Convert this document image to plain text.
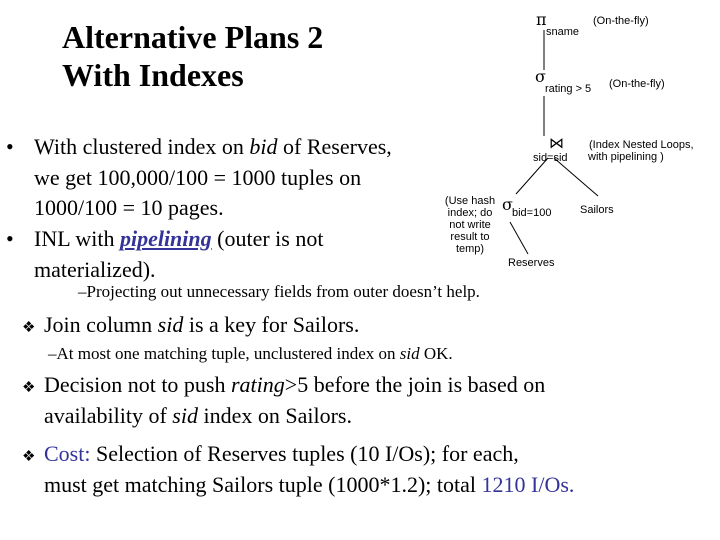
Alternative Plans 2
With Indexes
• With clustered index on bid of Reserves,
we get 100,000/100 = 1000 tuples on
1000/100 = 10 pages.
• INL with pipelining (outer is not
materialized).
–Projecting out unnecessary fields from outer doesn’t help.
❖ Join column sid is a key for Sailors.
–At most one matching tuple, unclustered index on sid OK.
❖ Decision not to push rating>5 before the join is based on
availability of sid index on Sailors.
❖ Cost: Selection of Reserves tuples (10 I/Os); for each,
must get matching Sailors tuple (1000*1.2); total 1210 I/Os.
π
sname
(On-the-fly)
σ
rating > 5 (On-the-fly)
⋈
sid=sid
(Index Nested Loops,
with pipelining )
(Use hash
index; do
not write
result to
temp)
σ bid=100	Sailors
Reserves
